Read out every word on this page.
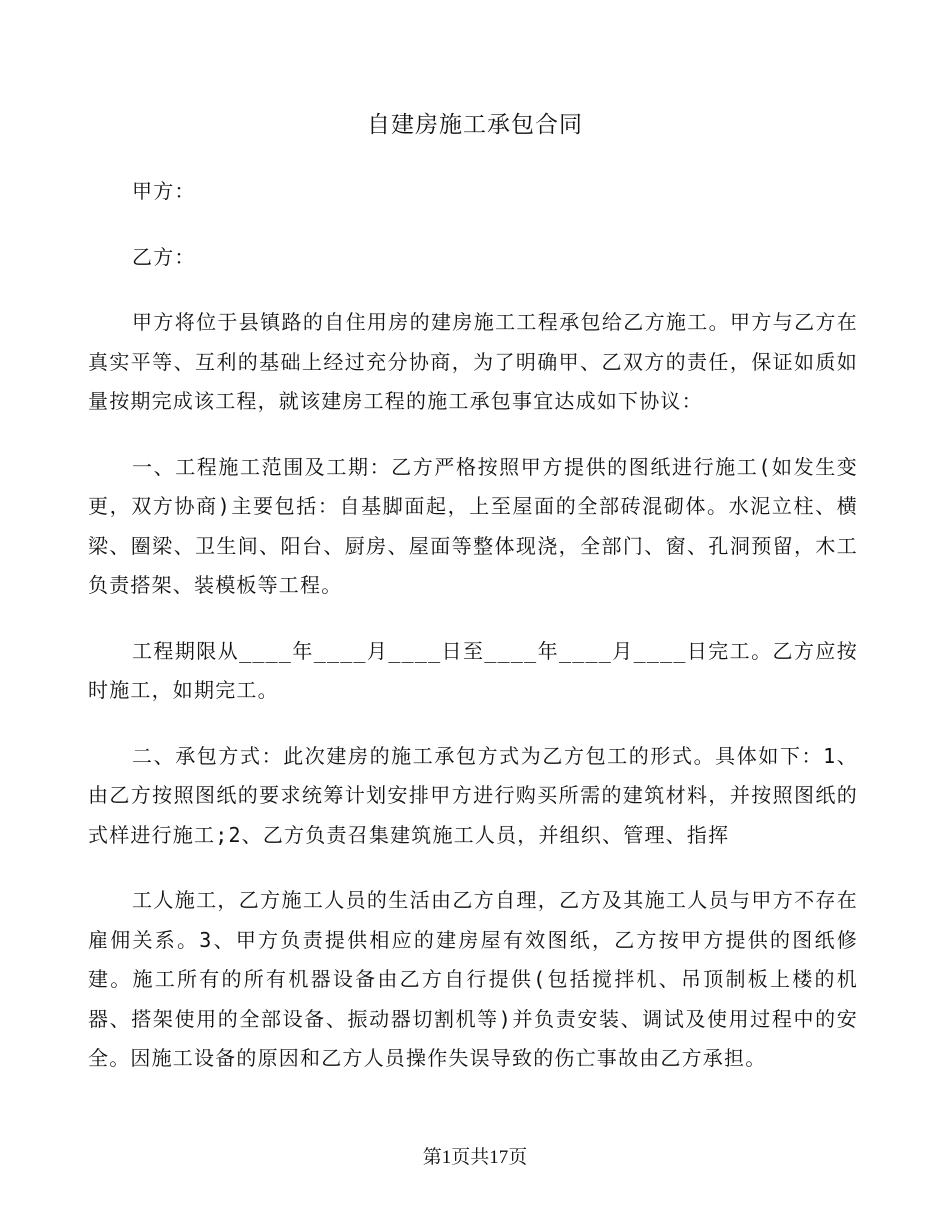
自建房施工承包合同

甲方：

乙方：

甲方将位于县镇路的自住用房的建房施工工程承包给乙方施工。甲方与乙方在真实平等、互利的基础上经过充分协商，为了明确甲、乙双方的责任，保证如质如量按期完成该工程，就该建房工程的施工承包事宜达成如下协议：

一、工程施工范围及工期：乙方严格按照甲方提供的图纸进行施工(如发生变更，双方协商)主要包括：自基脚面起，上至屋面的全部砖混砌体。水泥立柱、横梁、圈梁、卫生间、阳台、厨房、屋面等整体现浇，全部门、窗、孔洞预留，木工负责搭架、装模板等工程。

工程期限从____年____月____日至____年____月____日完工。乙方应按时施工，如期完工。

二、承包方式：此次建房的施工承包方式为乙方包工的形式。具体如下：1、由乙方按照图纸的要求统筹计划安排甲方进行购买所需的建筑材料，并按照图纸的式样进行施工;2、乙方负责召集建筑施工人员，并组织、管理、指挥

工人施工，乙方施工人员的生活由乙方自理，乙方及其施工人员与甲方不存在雇佣关系。3、甲方负责提供相应的建房屋有效图纸，乙方按甲方提供的图纸修建。施工所有的所有机器设备由乙方自行提供(包括搅拌机、吊顶制板上楼的机器、搭架使用的全部设备、振动器切割机等)并负责安装、调试及使用过程中的安全。因施工设备的原因和乙方人员操作失误导致的伤亡事故由乙方承担。

第1页共17页
